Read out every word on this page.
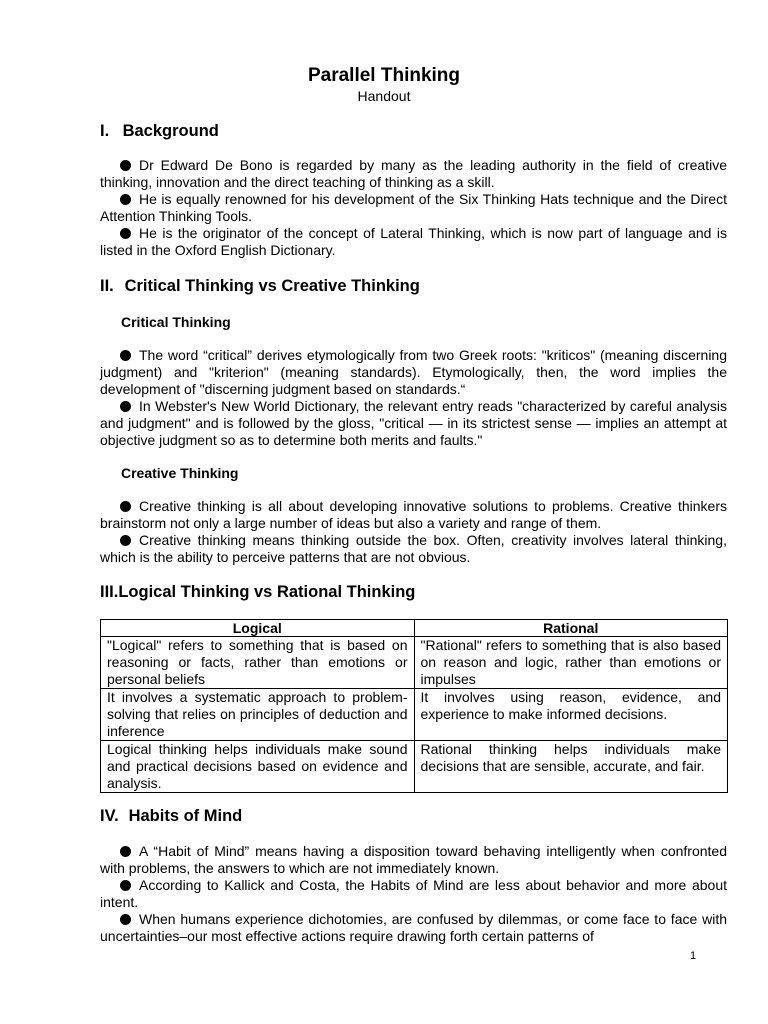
Parallel Thinking
Handout
I. Background

Dr Edward De Bono is regarded by many as the leading authority in the field of creative thinking, innovation and the direct teaching of thinking as a skill.

He is equally renowned for his development of the Six Thinking Hats technique and the Direct Attention Thinking Tools.

He is the originator of the concept of Lateral Thinking, which is now part of language and is listed in the Oxford English Dictionary.

II. Critical Thinking vs Creative Thinking
Critical Thinking

The word “critical” derives etymologically from two Greek roots: "kriticos" (meaning discerning judgment) and "kriterion" (meaning standards). Etymologically, then, the word implies the development of "discerning judgment based on standards.“

In Webster's New World Dictionary, the relevant entry reads "characterized by careful analysis and judgment" and is followed by the gloss, "critical — in its strictest sense — implies an attempt at objective judgment so as to determine both merits and faults."

Creative Thinking

Creative thinking is all about developing innovative solutions to problems. Creative thinkers brainstorm not only a large number of ideas but also a variety and range of them.

Creative thinking means thinking outside the box. Often, creativity involves lateral thinking, which is the ability to perceive patterns that are not obvious.

III.Logical Thinking vs Rational Thinking
Logical	Rational
"Logical" refers to something that is based on reasoning or facts, rather than emotions or personal beliefs	"Rational" refers to something that is also based on reason and logic, rather than emotions or impulses
It involves a systematic approach to problem-solving that relies on principles of deduction and inference	It involves using reason, evidence, and experience to make informed decisions.
Logical thinking helps individuals make sound and practical decisions based on evidence and analysis.	Rational thinking helps individuals make decisions that are sensible, accurate, and fair.
IV. Habits of Mind

A “Habit of Mind” means having a disposition toward behaving intelligently when confronted with problems, the answers to which are not immediately known.

According to Kallick and Costa, the Habits of Mind are less about behavior and more about intent.

When humans experience dichotomies, are confused by dilemmas, or come face to face with uncertainties–our most effective actions require drawing forth certain patterns of

1
